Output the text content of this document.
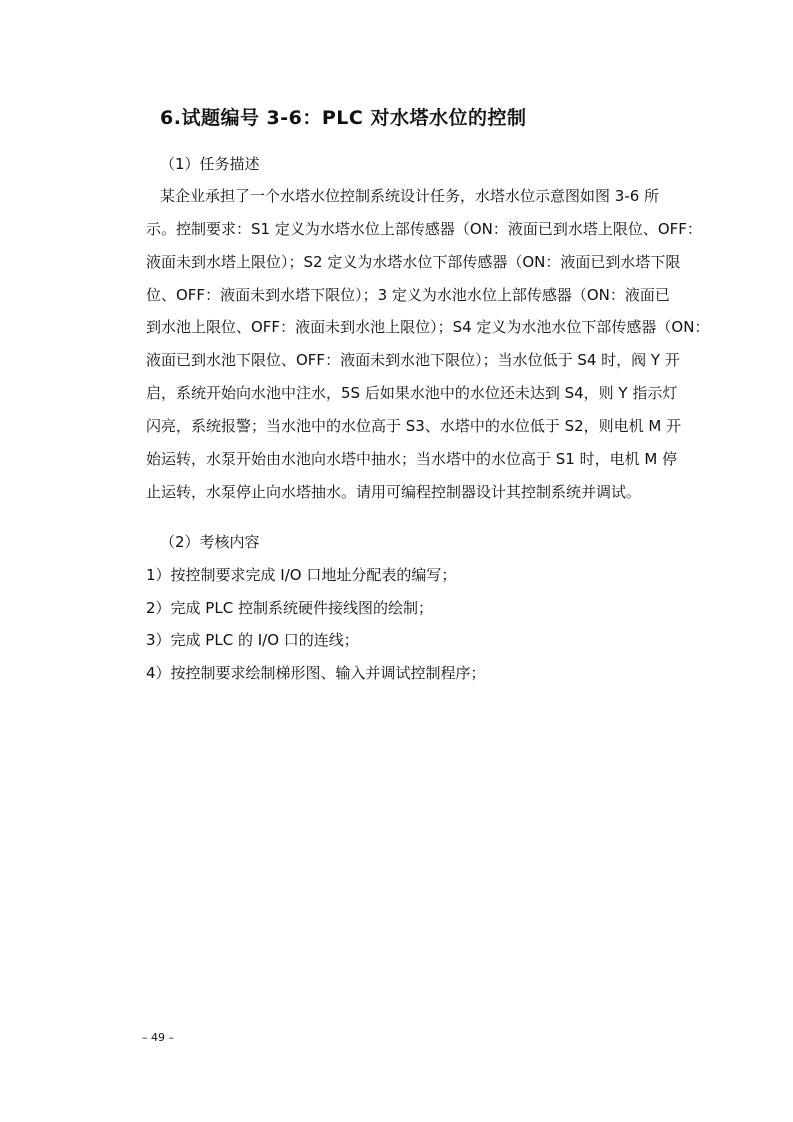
6.试题编号 3-6：PLC 对水塔水位的控制
（1）任务描述
某企业承担了一个水塔水位控制系统设计任务，水塔水位示意图如图 3-6 所
示。控制要求：S1 定义为水塔水位上部传感器（ON：液面已到水塔上限位、OFF：
液面未到水塔上限位）；S2 定义为水塔水位下部传感器（ON：液面已到水塔下限
位、OFF：液面未到水塔下限位）；3 定义为水池水位上部传感器（ON：液面已
到水池上限位、OFF：液面未到水池上限位）；S4 定义为水池水位下部传感器（ON：
液面已到水池下限位、OFF：液面未到水池下限位）；当水位低于 S4 时，阀 Y 开
启，系统开始向水池中注水，5S 后如果水池中的水位还未达到 S4，则 Y 指示灯
闪亮，系统报警；当水池中的水位高于 S3、水塔中的水位低于 S2，则电机 M 开
始运转，水泵开始由水池向水塔中抽水；当水塔中的水位高于 S1 时，电机 M 停
止运转，水泵停止向水塔抽水。请用可编程控制器设计其控制系统并调试。
（2）考核内容
1）按控制要求完成 I/O 口地址分配表的编写；
2）完成 PLC 控制系统硬件接线图的绘制；
3）完成 PLC 的 I/O 口的连线；
4）按控制要求绘制梯形图、输入并调试控制程序；
– 49 –
